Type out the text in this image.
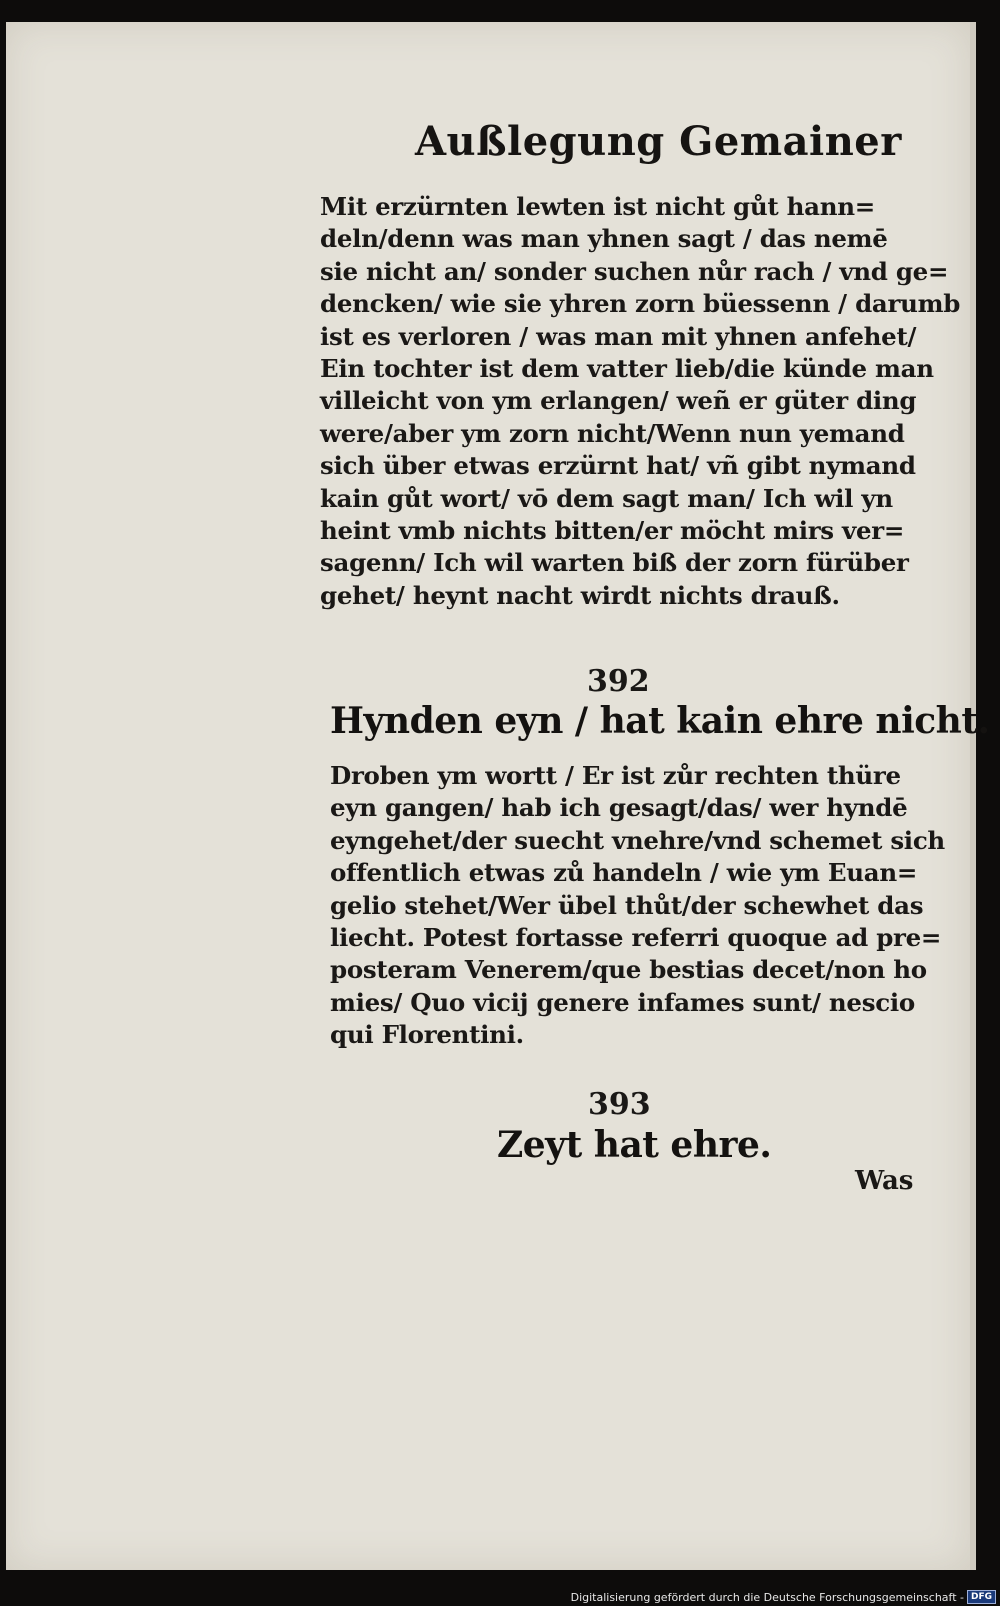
Außlegung Gemainer

Mit erzürnten lewten ist nicht gůt hann=
deln/denn was man yhnen sagt / das nemē
sie nicht an/ sonder suchen nůr rach / vnd ge=
dencken/ wie sie yhren zorn büessenn / darumb
ist es verloren / was man mit yhnen anfehet/
Ein tochter ist dem vatter lieb/die künde man
villeicht von ym erlangen/ weñ er güter ding
were/aber ym zorn nicht/Wenn nun yemand
sich über etwas erzürnt hat/ vñ gibt nymand
kain gůt wort/ vō dem sagt man/ Ich wil yn
heint vmb nichts bitten/er möcht mirs ver=
sagenn/ Ich wil warten biß der zorn fürüber
gehet/ heynt nacht wirdt nichts drauß.

392
Hynden eyn / hat kain ehre nicht.

Droben ym wortt / Er ist zůr rechten thüre
eyn gangen/ hab ich gesagt/das/ wer hyndē
eyngehet/der suecht vnehre/vnd schemet sich
offentlich etwas zů handeln / wie ym Euan=
gelio stehet/Wer übel thůt/der schewhet das
liecht. Potest fortasse referri quoque ad pre=
posteram Venerem/que bestias decet/non ho
mies/ Quo vicij genere infames sunt/ nescio
qui Florentini.

393
Zeyt hat ehre.
Was
Digitalisierung gefördert durch die Deutsche Forschungsgemeinschaft - DFG
